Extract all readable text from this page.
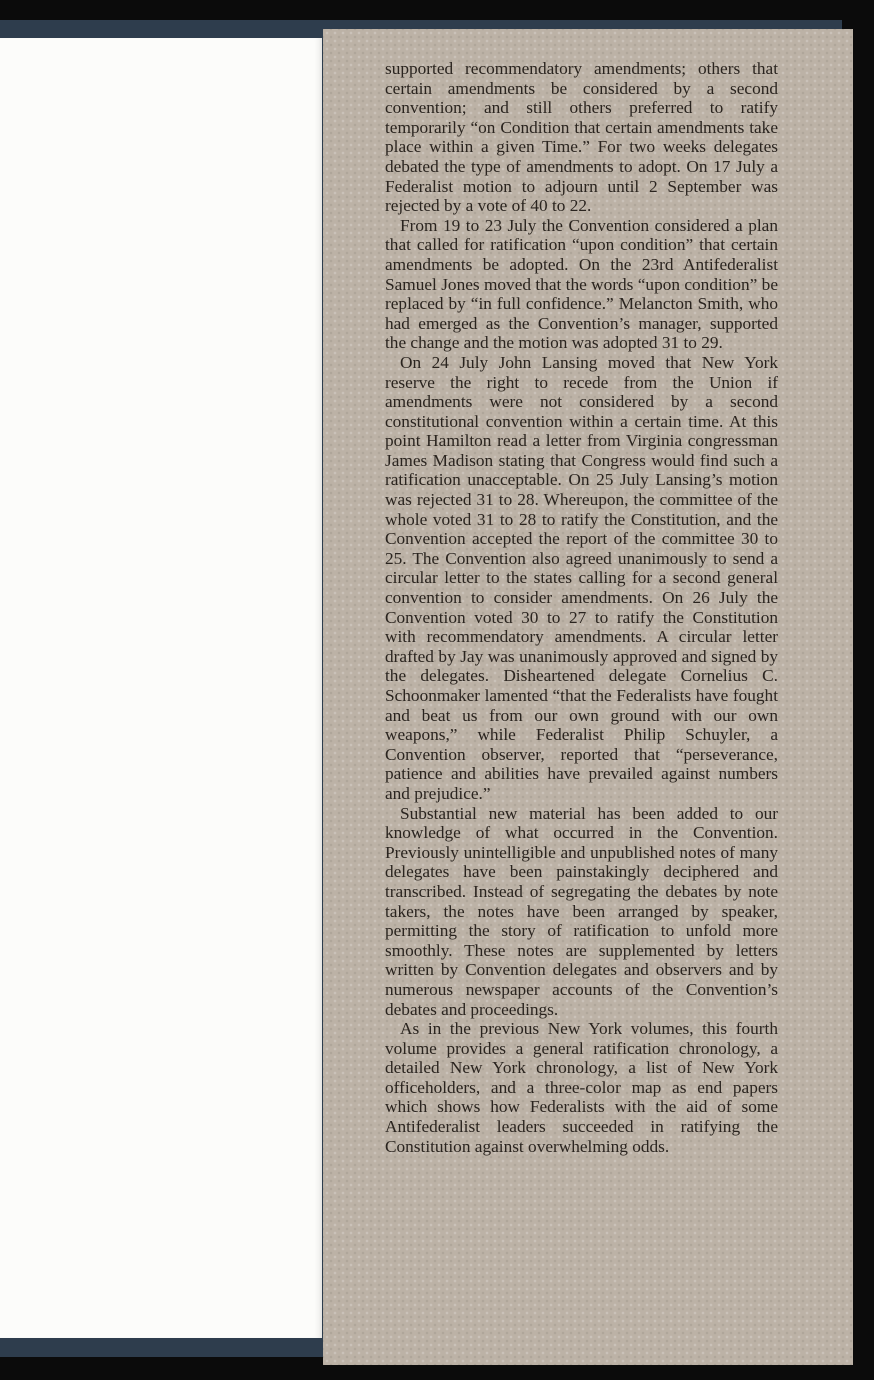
supported recommendatory amendments; others that certain amendments be considered by a second convention; and still others preferred to ratify temporarily “on Condition that certain amendments take place within a given Time.” For two weeks delegates debated the type of amendments to adopt. On 17 July a Federalist motion to adjourn until 2 September was rejected by a vote of 40 to 22.

From 19 to 23 July the Convention considered a plan that called for ratification “upon condition” that certain amendments be adopted. On the 23rd Antifederalist Samuel Jones moved that the words “upon condition” be replaced by “in full confidence.” Melancton Smith, who had emerged as the Convention’s manager, supported the change and the motion was adopted 31 to 29.

On 24 July John Lansing moved that New York reserve the right to recede from the Union if amendments were not considered by a second constitutional convention within a certain time. At this point Hamilton read a letter from Virginia congressman James Madison stating that Congress would find such a ratification unacceptable. On 25 July Lansing’s motion was rejected 31 to 28. Whereupon, the committee of the whole voted 31 to 28 to ratify the Constitution, and the Convention accepted the report of the committee 30 to 25. The Convention also agreed unanimously to send a circular letter to the states calling for a second general convention to consider amendments. On 26 July the Convention voted 30 to 27 to ratify the Constitution with recommendatory amendments. A circular letter drafted by Jay was unanimously approved and signed by the delegates. Disheartened delegate Cornelius C. Schoonmaker lamented “that the Federalists have fought and beat us from our own ground with our own weapons,” while Federalist Philip Schuyler, a Convention observer, reported that “perseverance, patience and abilities have prevailed against numbers and prejudice.”

Substantial new material has been added to our knowledge of what occurred in the Convention. Previously unintelligible and unpublished notes of many delegates have been painstakingly deciphered and transcribed. Instead of segregating the debates by note takers, the notes have been arranged by speaker, permitting the story of ratification to unfold more smoothly. These notes are supplemented by letters written by Convention delegates and observers and by numerous newspaper accounts of the Convention’s debates and proceedings.

As in the previous New York volumes, this fourth volume provides a general ratification chronology, a detailed New York chronology, a list of New York officeholders, and a three-color map as end papers which shows how Federalists with the aid of some Antifederalist leaders succeeded in ratifying the Constitution against overwhelming odds.
